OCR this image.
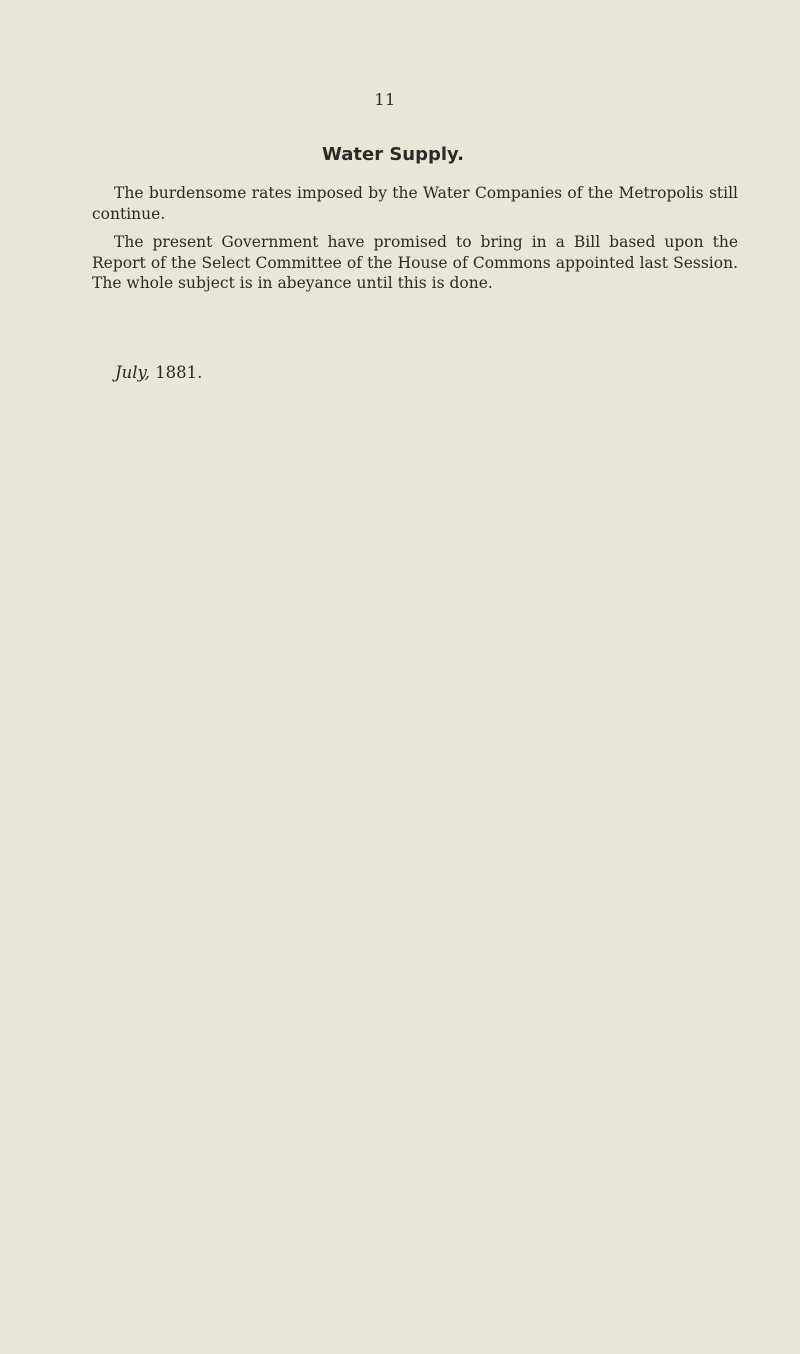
11
Water Supply.

The burdensome rates imposed by the Water Companies of the Metropolis still continue.

The present Government have promised to bring in a Bill based upon the Report of the Select Committee of the House of Commons appointed last Session. The whole subject is in abeyance until this is done.

July, 1881.
